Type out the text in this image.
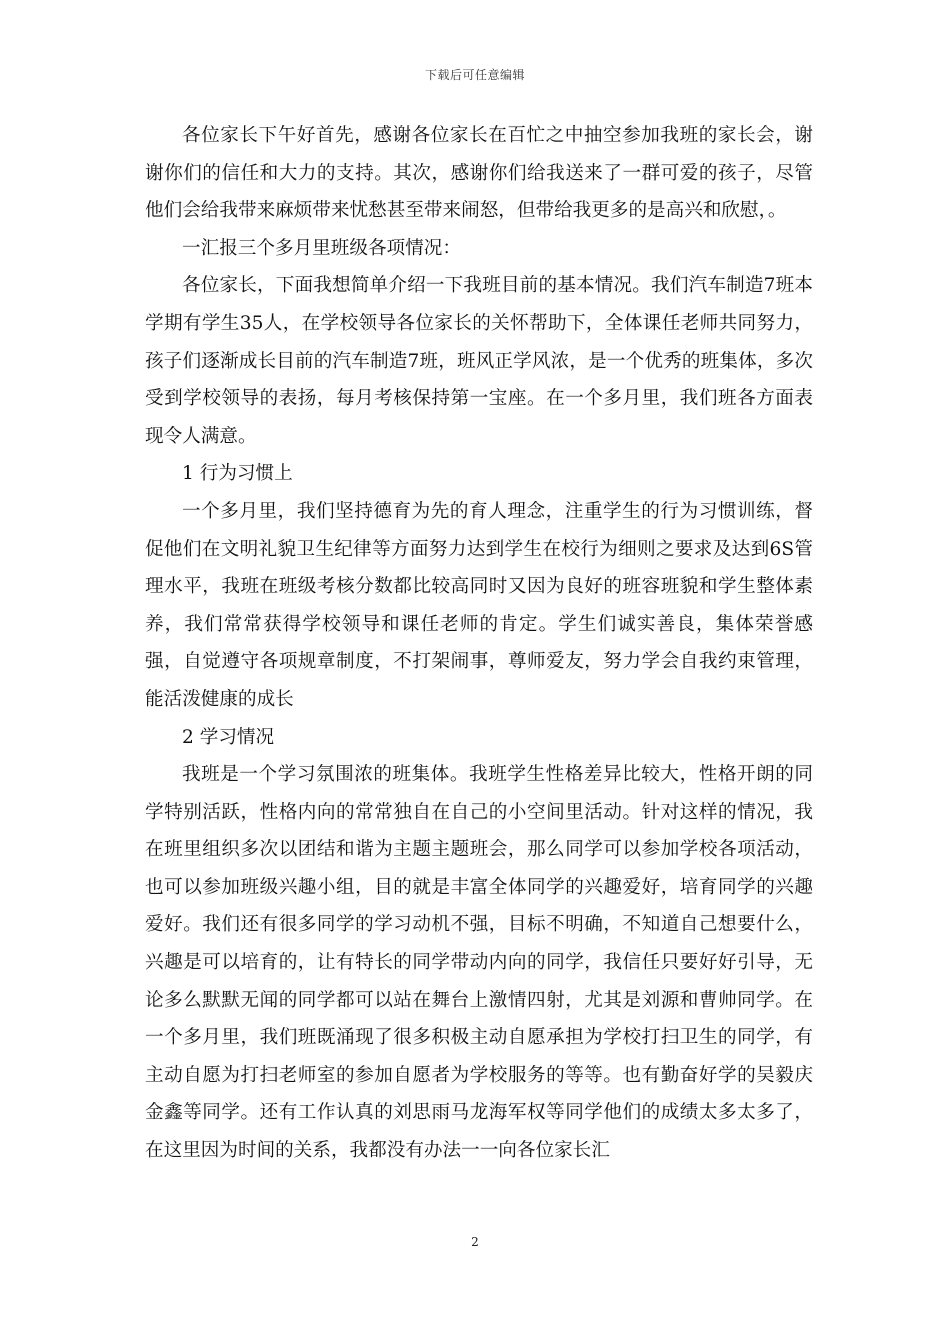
下载后可任意编辑

各位家长下午好首先，感谢各位家长在百忙之中抽空参加我班的家长会，谢谢你们的信任和大力的支持。其次，感谢你们给我送来了一群可爱的孩子，尽管他们会给我带来麻烦带来忧愁甚至带来闹怒，但带给我更多的是高兴和欣慰，。

一汇报三个多月里班级各项情况：

各位家长，下面我想简单介绍一下我班目前的基本情况。我们汽车制造7班本学期有学生35人，在学校领导各位家长的关怀帮助下，全体课任老师共同努力，孩子们逐渐成长目前的汽车制造7班，班风正学风浓，是一个优秀的班集体，多次受到学校领导的表扬，每月考核保持第一宝座。在一个多月里，我们班各方面表现令人满意。

1 行为习惯上

一个多月里，我们坚持德育为先的育人理念，注重学生的行为习惯训练，督促他们在文明礼貌卫生纪律等方面努力达到学生在校行为细则之要求及达到6S管理水平，我班在班级考核分数都比较高同时又因为良好的班容班貌和学生整体素养，我们常常获得学校领导和课任老师的肯定。学生们诚实善良，集体荣誉感强，自觉遵守各项规章制度，不打架闹事，尊师爱友，努力学会自我约束管理，能活泼健康的成长

2 学习情况

我班是一个学习氛围浓的班集体。我班学生性格差异比较大，性格开朗的同学特别活跃，性格内向的常常独自在自己的小空间里活动。针对这样的情况，我在班里组织多次以团结和谐为主题主题班会，那么同学可以参加学校各项活动，也可以参加班级兴趣小组，目的就是丰富全体同学的兴趣爱好，培育同学的兴趣爱好。我们还有很多同学的学习动机不强，目标不明确，不知道自己想要什么，兴趣是可以培育的，让有特长的同学带动内向的同学，我信任只要好好引导，无论多么默默无闻的同学都可以站在舞台上激情四射，尤其是刘源和曹帅同学。在一个多月里，我们班既涌现了很多积极主动自愿承担为学校打扫卫生的同学，有主动自愿为打扫老师室的参加自愿者为学校服务的等等。也有勤奋好学的吴毅庆金鑫等同学。还有工作认真的刘思雨马龙海军权等同学他们的成绩太多太多了，在这里因为时间的关系，我都没有办法一一向各位家长汇

2
